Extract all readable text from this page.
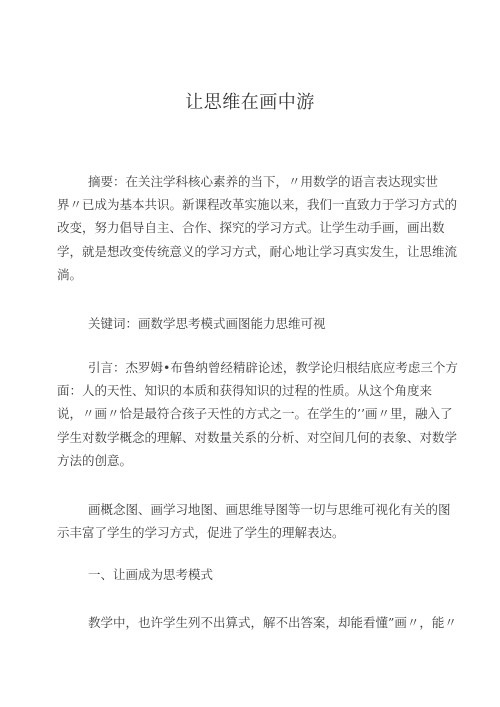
让思维在画中游
摘要：在关注学科核心素养的当下，〃用数学的语言表达现实世
界〃已成为基本共识。新课程改革实施以来，我们一直致力于学习方式的
改变，努力倡导自主、合作、探究的学习方式。让学生动手画，画出数
学，就是想改变传统意义的学习方式，耐心地让学习真实发生，让思维流
淌。
关键词：画数学思考模式画图能力思维可视
引言：杰罗姆•布鲁纳曾经精辟论述，教学论归根结底应考虑三个方
面：人的天性、知识的本质和获得知识的过程的性质。从这个角度来
说，〃画〃恰是最符合孩子天性的方式之一。在学生的’’画〃里，融入了
学生对数学概念的理解、对数量关系的分析、对空间几何的表象、对数学
方法的创意。
画概念图、画学习地图、画思维导图等一切与思维可视化有关的图
示丰富了学生的学习方式，促进了学生的理解表达。
一、让画成为思考模式
教学中，也许学生列不出算式，解不出答案，却能看懂”画〃，能〃
